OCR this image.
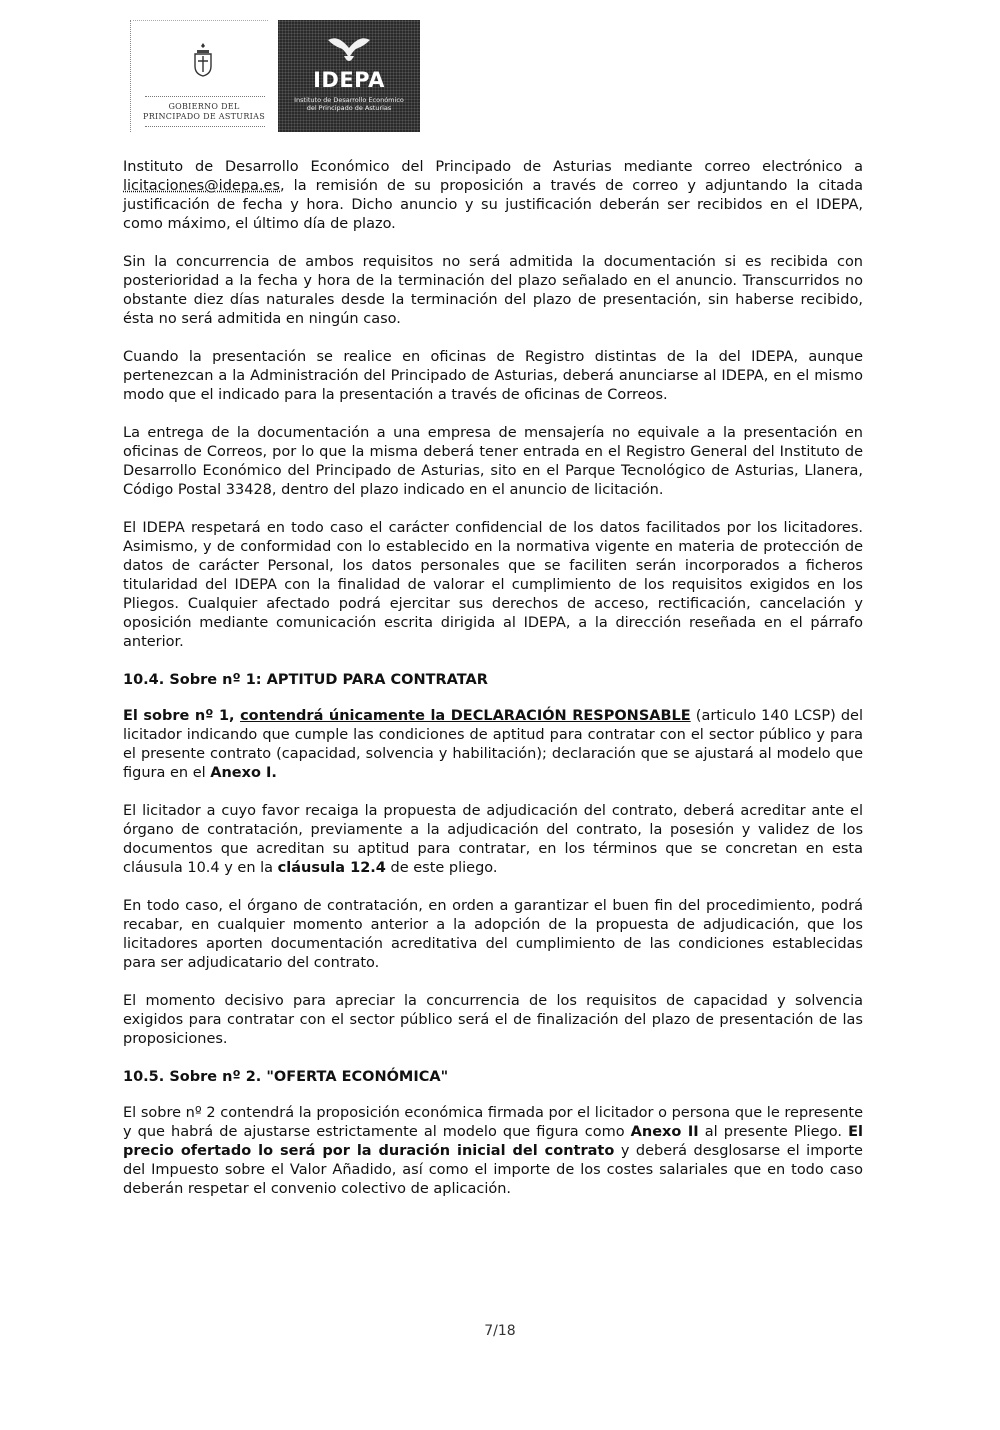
GOBIERNO DEL
PRINCIPADO DE ASTURIAS
IDEPA
Instituto de Desarrollo Económico
del Principado de Asturias

Instituto de Desarrollo Económico del Principado de Asturias mediante correo electrónico a licitaciones@idepa.es, la remisión de su proposición a través de correo y adjuntando la citada justificación de fecha y hora. Dicho anuncio y su justificación deberán ser recibidos en el IDEPA, como máximo, el último día de plazo.

Sin la concurrencia de ambos requisitos no será admitida la documentación si es recibida con posterioridad a la fecha y hora de la terminación del plazo señalado en el anuncio. Transcurridos no obstante diez días naturales desde la terminación del plazo de presentación, sin haberse recibido, ésta no será admitida en ningún caso.

Cuando la presentación se realice en oficinas de Registro distintas de la del IDEPA, aunque pertenezcan a la Administración del Principado de Asturias, deberá anunciarse al IDEPA, en el mismo modo que el indicado para la presentación a través de oficinas de Correos.

La entrega de la documentación a una empresa de mensajería no equivale a la presentación en oficinas de Correos, por lo que la misma deberá tener entrada en el Registro General del Instituto de Desarrollo Económico del Principado de Asturias, sito en el Parque Tecnológico de Asturias, Llanera, Código Postal 33428, dentro del plazo indicado en el anuncio de licitación.

El IDEPA respetará en todo caso el carácter confidencial de los datos facilitados por los licitadores. Asimismo, y de conformidad con lo establecido en la normativa vigente en materia de protección de datos de carácter Personal, los datos personales que se faciliten serán incorporados a ficheros titularidad del IDEPA con la finalidad de valorar el cumplimiento de los requisitos exigidos en los Pliegos. Cualquier afectado podrá ejercitar sus derechos de acceso, rectificación, cancelación y oposición mediante comunicación escrita dirigida al IDEPA, a la dirección reseñada en el párrafo anterior.

10.4. Sobre nº 1: APTITUD PARA CONTRATAR

El sobre nº 1, contendrá únicamente la DECLARACIÓN RESPONSABLE (articulo 140 LCSP) del licitador indicando que cumple las condiciones de aptitud para contratar con el sector público y para el presente contrato (capacidad, solvencia y habilitación); declaración que se ajustará al modelo que figura en el Anexo I.

El licitador a cuyo favor recaiga la propuesta de adjudicación del contrato, deberá acreditar ante el órgano de contratación, previamente a la adjudicación del contrato, la posesión y validez de los documentos que acreditan su aptitud para contratar, en los términos que se concretan en esta cláusula 10.4 y en la cláusula 12.4 de este pliego.

En todo caso, el órgano de contratación, en orden a garantizar el buen fin del procedimiento, podrá recabar, en cualquier momento anterior a la adopción de la propuesta de adjudicación, que los licitadores aporten documentación acreditativa del cumplimiento de las condiciones establecidas para ser adjudicatario del contrato.

El momento decisivo para apreciar la concurrencia de los requisitos de capacidad y solvencia exigidos para contratar con el sector público será el de finalización del plazo de presentación de las proposiciones.

10.5. Sobre nº 2. "OFERTA ECONÓMICA"

El sobre nº 2 contendrá la proposición económica firmada por el licitador o persona que le represente y que habrá de ajustarse estrictamente al modelo que figura como Anexo II al presente Pliego. El precio ofertado lo será por la duración inicial del contrato y deberá desglosarse el importe del Impuesto sobre el Valor Añadido, así como el importe de los costes salariales que en todo caso deberán respetar el convenio colectivo de aplicación.

7/18
